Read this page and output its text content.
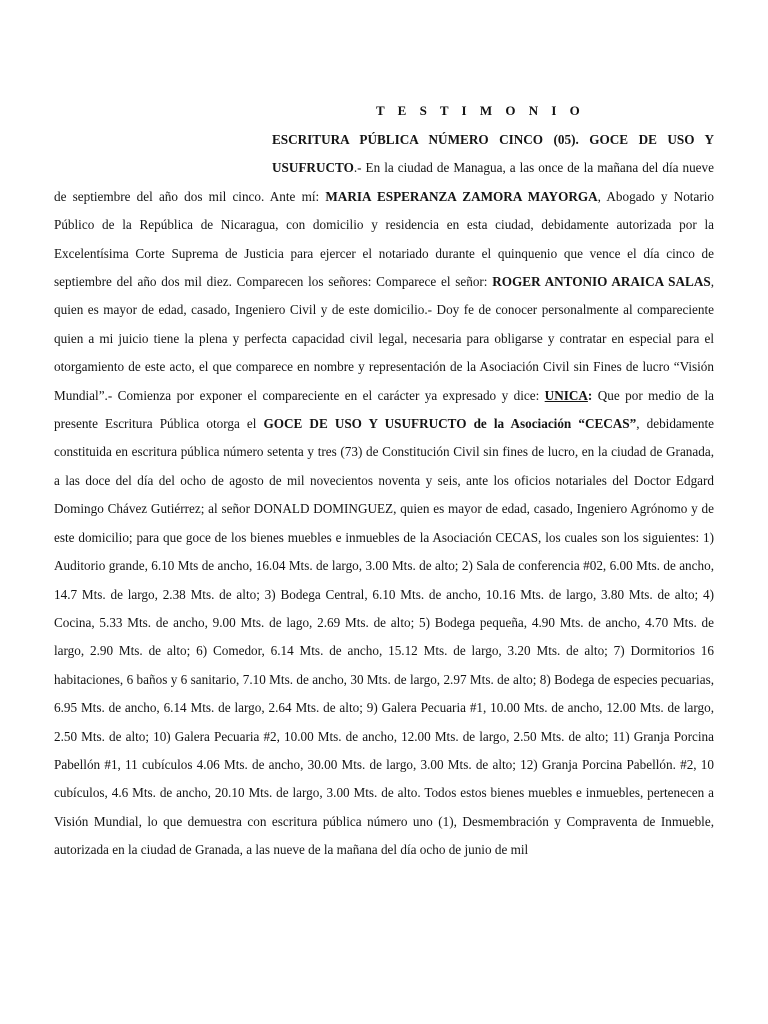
T E S T I M O N I O
ESCRITURA PÚBLICA NÚMERO CINCO (05). GOCE DE USO Y
USUFRUCTO.- En la ciudad de Managua, a las once de la mañana del día nueve de septiembre del año dos mil cinco. Ante mí: MARIA ESPERANZA ZAMORA MAYORGA, Abogado y Notario Público de la República de Nicaragua, con domicilio y residencia en esta ciudad, debidamente autorizada por la Excelentísima Corte Suprema de Justicia para ejercer el notariado durante el quinquenio que vence el día cinco de septiembre del año dos mil diez. Comparecen los señores: Comparece el señor: ROGER ANTONIO ARAICA SALAS, quien es mayor de edad, casado, Ingeniero Civil y de este domicilio.- Doy fe de conocer personalmente al compareciente quien a mi juicio tiene la plena y perfecta capacidad civil legal, necesaria para obligarse y contratar en especial para el otorgamiento de este acto, el que comparece en nombre y representación de la Asociación Civil sin Fines de lucro “Visión Mundial”.- Comienza por exponer el compareciente en el carácter ya expresado y dice: UNICA: Que por medio de la presente Escritura Pública otorga el GOCE DE USO Y USUFRUCTO de la Asociación “CECAS”, debidamente constituida en escritura pública número setenta y tres (73) de Constitución Civil sin fines de lucro, en la ciudad de Granada, a las doce del día del ocho de agosto de mil novecientos noventa y seis, ante los oficios notariales del Doctor Edgard Domingo Chávez Gutiérrez; al señor DONALD DOMINGUEZ, quien es mayor de edad, casado, Ingeniero Agrónomo y de este domicilio; para que goce de los bienes muebles e inmuebles de la Asociación CECAS, los cuales son los siguientes: 1) Auditorio grande, 6.10 Mts de ancho, 16.04 Mts. de largo, 3.00 Mts. de alto; 2) Sala de conferencia #02, 6.00 Mts. de ancho, 14.7 Mts. de largo, 2.38 Mts. de alto; 3) Bodega Central, 6.10 Mts. de ancho, 10.16 Mts. de largo, 3.80 Mts. de alto; 4) Cocina, 5.33 Mts. de ancho, 9.00 Mts. de lago, 2.69 Mts. de alto; 5) Bodega pequeña, 4.90 Mts. de ancho, 4.70 Mts. de largo, 2.90 Mts. de alto; 6) Comedor, 6.14 Mts. de ancho, 15.12 Mts. de largo, 3.20 Mts. de alto; 7) Dormitorios 16 habitaciones, 6 baños y 6 sanitario, 7.10 Mts. de ancho, 30 Mts. de largo, 2.97 Mts. de alto; 8) Bodega de especies pecuarias, 6.95 Mts. de ancho, 6.14 Mts. de largo, 2.64 Mts. de alto; 9) Galera Pecuaria #1, 10.00 Mts. de ancho, 12.00 Mts. de largo, 2.50 Mts. de alto; 10) Galera Pecuaria #2, 10.00 Mts. de ancho, 12.00 Mts. de largo, 2.50 Mts. de alto; 11) Granja Porcina Pabellón #1, 11 cubículos 4.06 Mts. de ancho, 30.00 Mts. de largo, 3.00 Mts. de alto; 12) Granja Porcina Pabellón. #2, 10 cubículos, 4.6 Mts. de ancho, 20.10 Mts. de largo, 3.00 Mts. de alto. Todos estos bienes muebles e inmuebles, pertenecen a Visión Mundial, lo que demuestra con escritura pública número uno (1), Desmembración y Compraventa de Inmueble, autorizada en la ciudad de Granada, a las nueve de la mañana del día ocho de junio de mil
